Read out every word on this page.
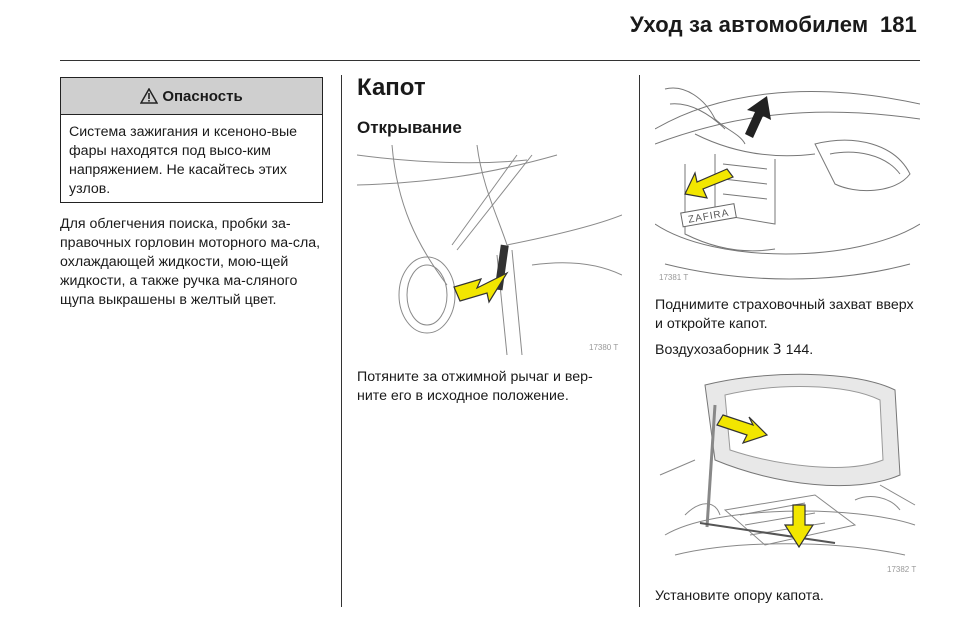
Уход за автомобилем 181
Опасность
Система зажигания и ксеноно-вые фары находятся под высо-ким напряжением. Не касайтесь этих узлов.
Для облегчения поиска, пробки за-правочных горловин моторного ма-сла, охлаждающей жидкости, мою-щей жидкости, а также ручка ма-сляного щупа выкрашены в желтый цвет.
Капот
Открывание
17380 T
Потяните за отжимной рычаг и вер-ните его в исходное положение.
ZAFIRA
17381 T
Поднимите страховочный захват вверх и откройте капот.
Воздухозаборник 3 144.
17382 T
Установите опору капота.
